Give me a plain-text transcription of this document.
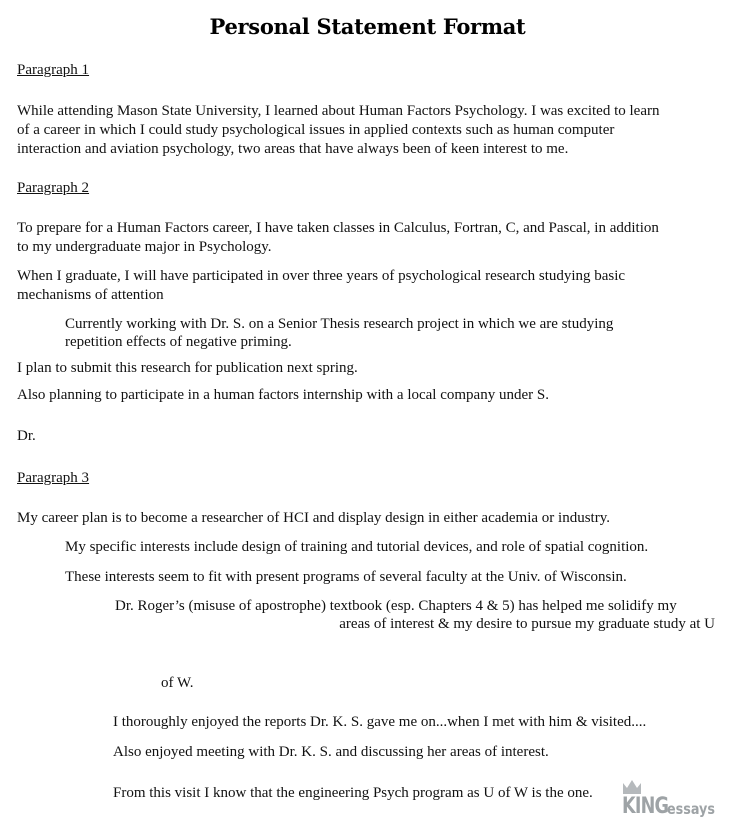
Personal Statement Format
Paragraph 1
While attending Mason State University, I learned about Human Factors Psychology. I was excited to learn
of a career in which I could study psychological issues in applied contexts such as human computer
interaction and aviation psychology, two areas that have always been of keen interest to me.
Paragraph 2
To prepare for a Human Factors career, I have taken classes in Calculus, Fortran, C, and Pascal, in addition
to my undergraduate major in Psychology.
When I graduate, I will have participated in over three years of psychological research studying basic
mechanisms of attention
Currently working with Dr. S. on a Senior Thesis research project in which we are studying
repetition effects of negative priming.
I plan to submit this research for publication next spring.
Also planning to participate in a human factors internship with a local company under S.
Dr.
Paragraph 3
My career plan is to become a researcher of HCI and display design in either academia or industry.
My specific interests include design of training and tutorial devices, and role of spatial cognition.
These interests seem to fit with present programs of several faculty at the Univ. of Wisconsin.
Dr. Roger’s (misuse of apostrophe) textbook (esp. Chapters 4 & 5) has helped me solidify my
areas of interest & my desire to pursue my graduate study at U
of W.
I thoroughly enjoyed the reports Dr. K. S. gave me on...when I met with him & visited....
Also enjoyed meeting with Dr. K. S. and discussing her areas of interest.
From this visit I know that the engineering Psych program as U of W is the one.
KING
essays
